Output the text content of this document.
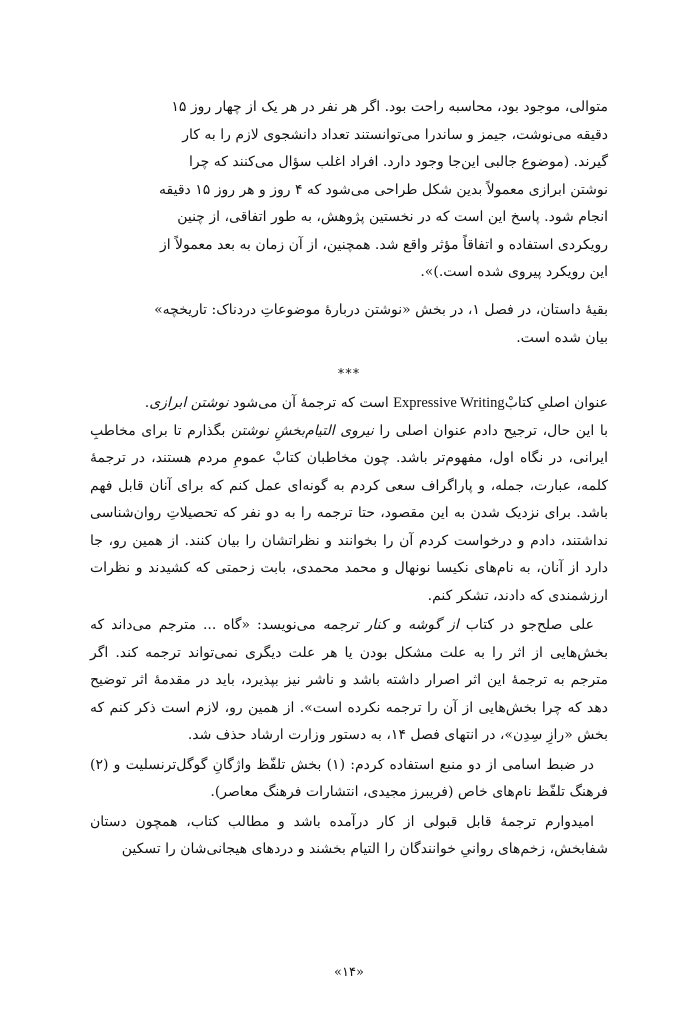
متوالی، موجود بود، محاسبه راحت بود. اگر هر نفر در هر یک از چهار روز ۱۵

دقیقه می‌نوشت، جیمز و ساندرا می‌توانستند تعداد دانشجوی لازم را به کار

گیرند. (موضوع جالبی این‌جا وجود دارد. افراد اغلب سؤال می‌کنند که چرا

نوشتن ابرازی معمولاً بدین شکل طراحی می‌شود که ۴ روز و هر روز ۱۵ دقیقه

انجام شود. پاسخ این است که در نخستین پژوهش، به طور اتفاقی، از چنین

رویکردی استفاده و اتفاقاً مؤثر واقع شد. همچنین، از آن زمان به بعد معمولاً از

این رویکرد پیروی شده است.)».

بقیهٔ داستان، در فصل ۱، در بخش «نوشتن دربارهٔ موضوعاتِ دردناک: تاریخچه»

بیان شده است.

***

عنوان اصلیِ کتابْExpressive Writing است که ترجمهٔ آن می‌شود نوشتن ابرازی.

با این حال، ترجیح دادم عنوان اصلی را نیروی التیام‌بخشِ نوشتن بگذارم تا برای مخاطبِ ایرانی، در نگاه اول، مفهوم‌تر باشد. چون مخاطبان کتابْ عمومِ مردم هستند، در ترجمهٔ کلمه، عبارت، جمله، و پاراگراف سعی کردم به گونه‌ای عمل کنم که برای آنان قابل فهم باشد. برای نزدیک شدن به این مقصود، حتا ترجمه را به دو نفر که تحصیلاتِ روان‌شناسی نداشتند، دادم و درخواست کردم آن را بخوانند و نظراتشان را بیان کنند. از همین رو، جا دارد از آنان، به نام‌های نکیسا نونهال و محمد محمدی، بابت زحمتی که کشیدند و نظرات ارزشمندی که دادند، تشکر کنم.

علی صلح‌جو در کتاب از گوشه و کنار ترجمه می‌نویسد: «گاه ... مترجم می‌داند که بخش‌هایی از اثر را به علت مشکل بودن یا هر علت دیگری نمی‌تواند ترجمه کند. اگر مترجم به ترجمهٔ این اثر اصرار داشته باشد و ناشر نیز بپذیرد، باید در مقدمهٔ اثر توضیح دهد که چرا بخش‌هایی از آن را ترجمه نکرده است». از همین رو، لازم است ذکر کنم که بخش «رازِ سِدِن»، در انتهای فصل ۱۴، به دستور وزارت ارشاد حذف شد.

در ضبط اسامی از دو منبع استفاده کردم: (۱) بخش تلفّظ واژگانِ گوگل‌ترنسلیت و (۲) فرهنگ تلفّظ نام‌های خاص (فریبرز مجیدی، انتشارات فرهنگ معاصر).

امیدوارم ترجمهٔ قابل قبولی از کار درآمده باشد و مطالب کتاب، همچون دستان شفابخش، زخم‌های روانیِ خوانندگان را التیام بخشند و دردهای هیجانی‌شان را تسکین

«۱۴»
